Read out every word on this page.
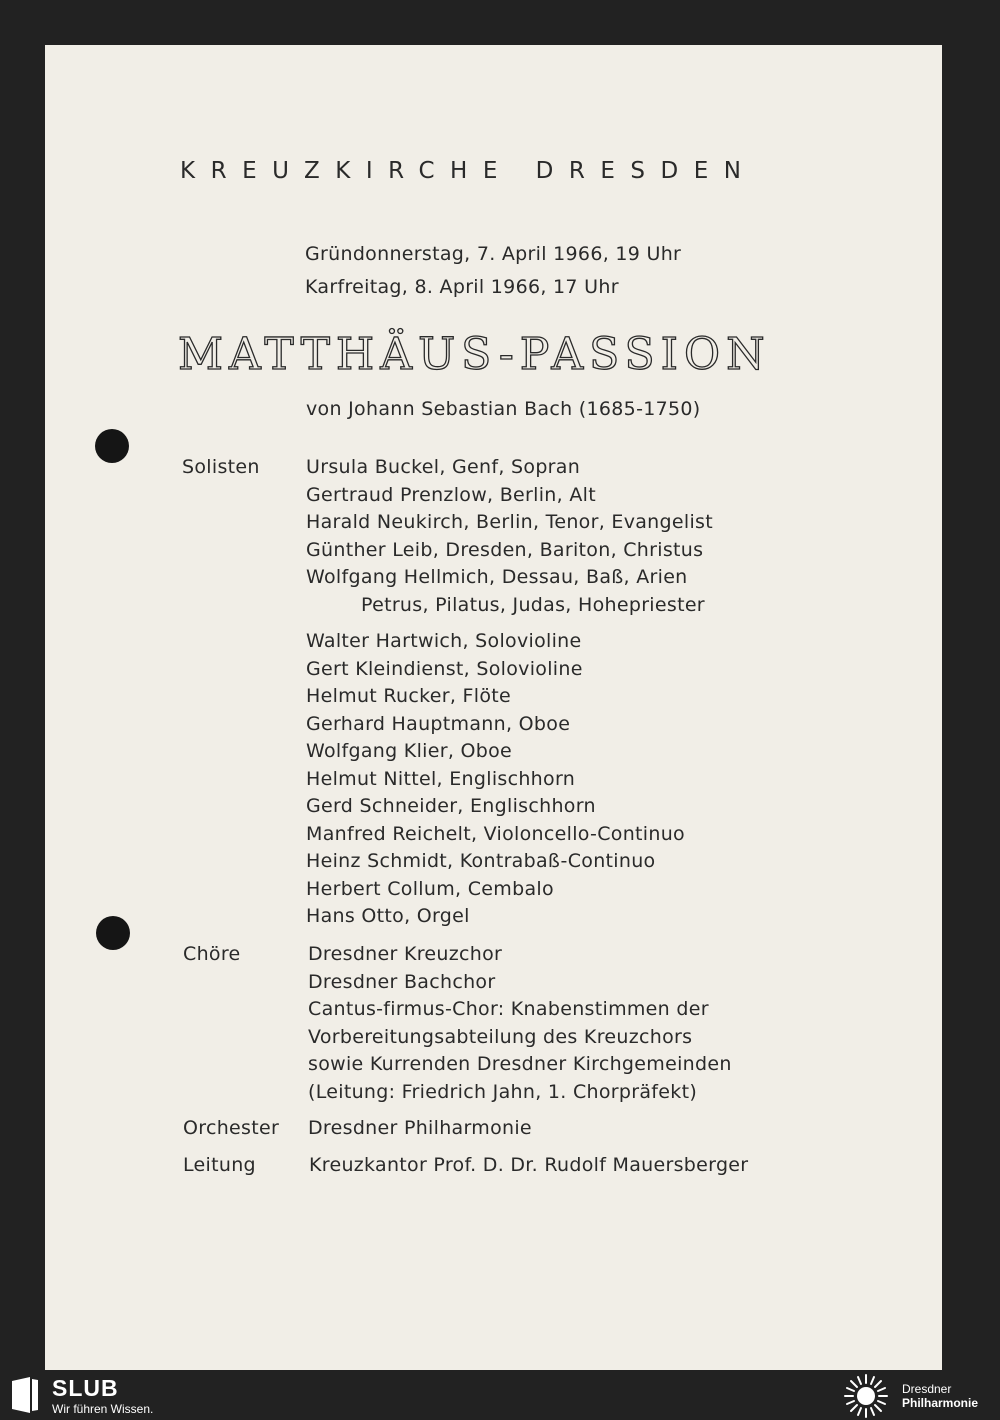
KREUZKIRCHE DRESDEN
Gründonnerstag, 7. April 1966, 19 Uhr
Karfreitag, 8. April 1966, 17 Uhr
MATTHÄUS-PASSION
von Johann Sebastian Bach (1685-1750)
Solisten Ursula Buckel, Genf, Sopran
Gertraud Prenzlow, Berlin, Alt
Harald Neukirch, Berlin, Tenor, Evangelist
Günther Leib, Dresden, Bariton, Christus
Wolfgang Hellmich, Dessau, Baß, Arien
Petrus, Pilatus, Judas, Hohepriester
Walter Hartwich, Solovioline
Gert Kleindienst, Solovioline
Helmut Rucker, Flöte
Gerhard Hauptmann, Oboe
Wolfgang Klier, Oboe
Helmut Nittel, Englischhorn
Gerd Schneider, Englischhorn
Manfred Reichelt, Violoncello-Continuo
Heinz Schmidt, Kontrabaß-Continuo
Herbert Collum, Cembalo
Hans Otto, Orgel
Chöre	Dresdner Kreuzchor
Dresdner Bachchor
Cantus-firmus-Chor: Knabenstimmen der
Vorbereitungsabteilung des Kreuzchors
sowie Kurrenden Dresdner Kirchgemeinden
(Leitung: Friedrich Jahn, 1. Chorpräfekt)
Orchester Dresdner Philharmonie
Leitung	Kreuzkantor Prof. D. Dr. Rudolf Mauersberger
SLUB
Wir führen Wissen.
Dresdner
Philharmonie
